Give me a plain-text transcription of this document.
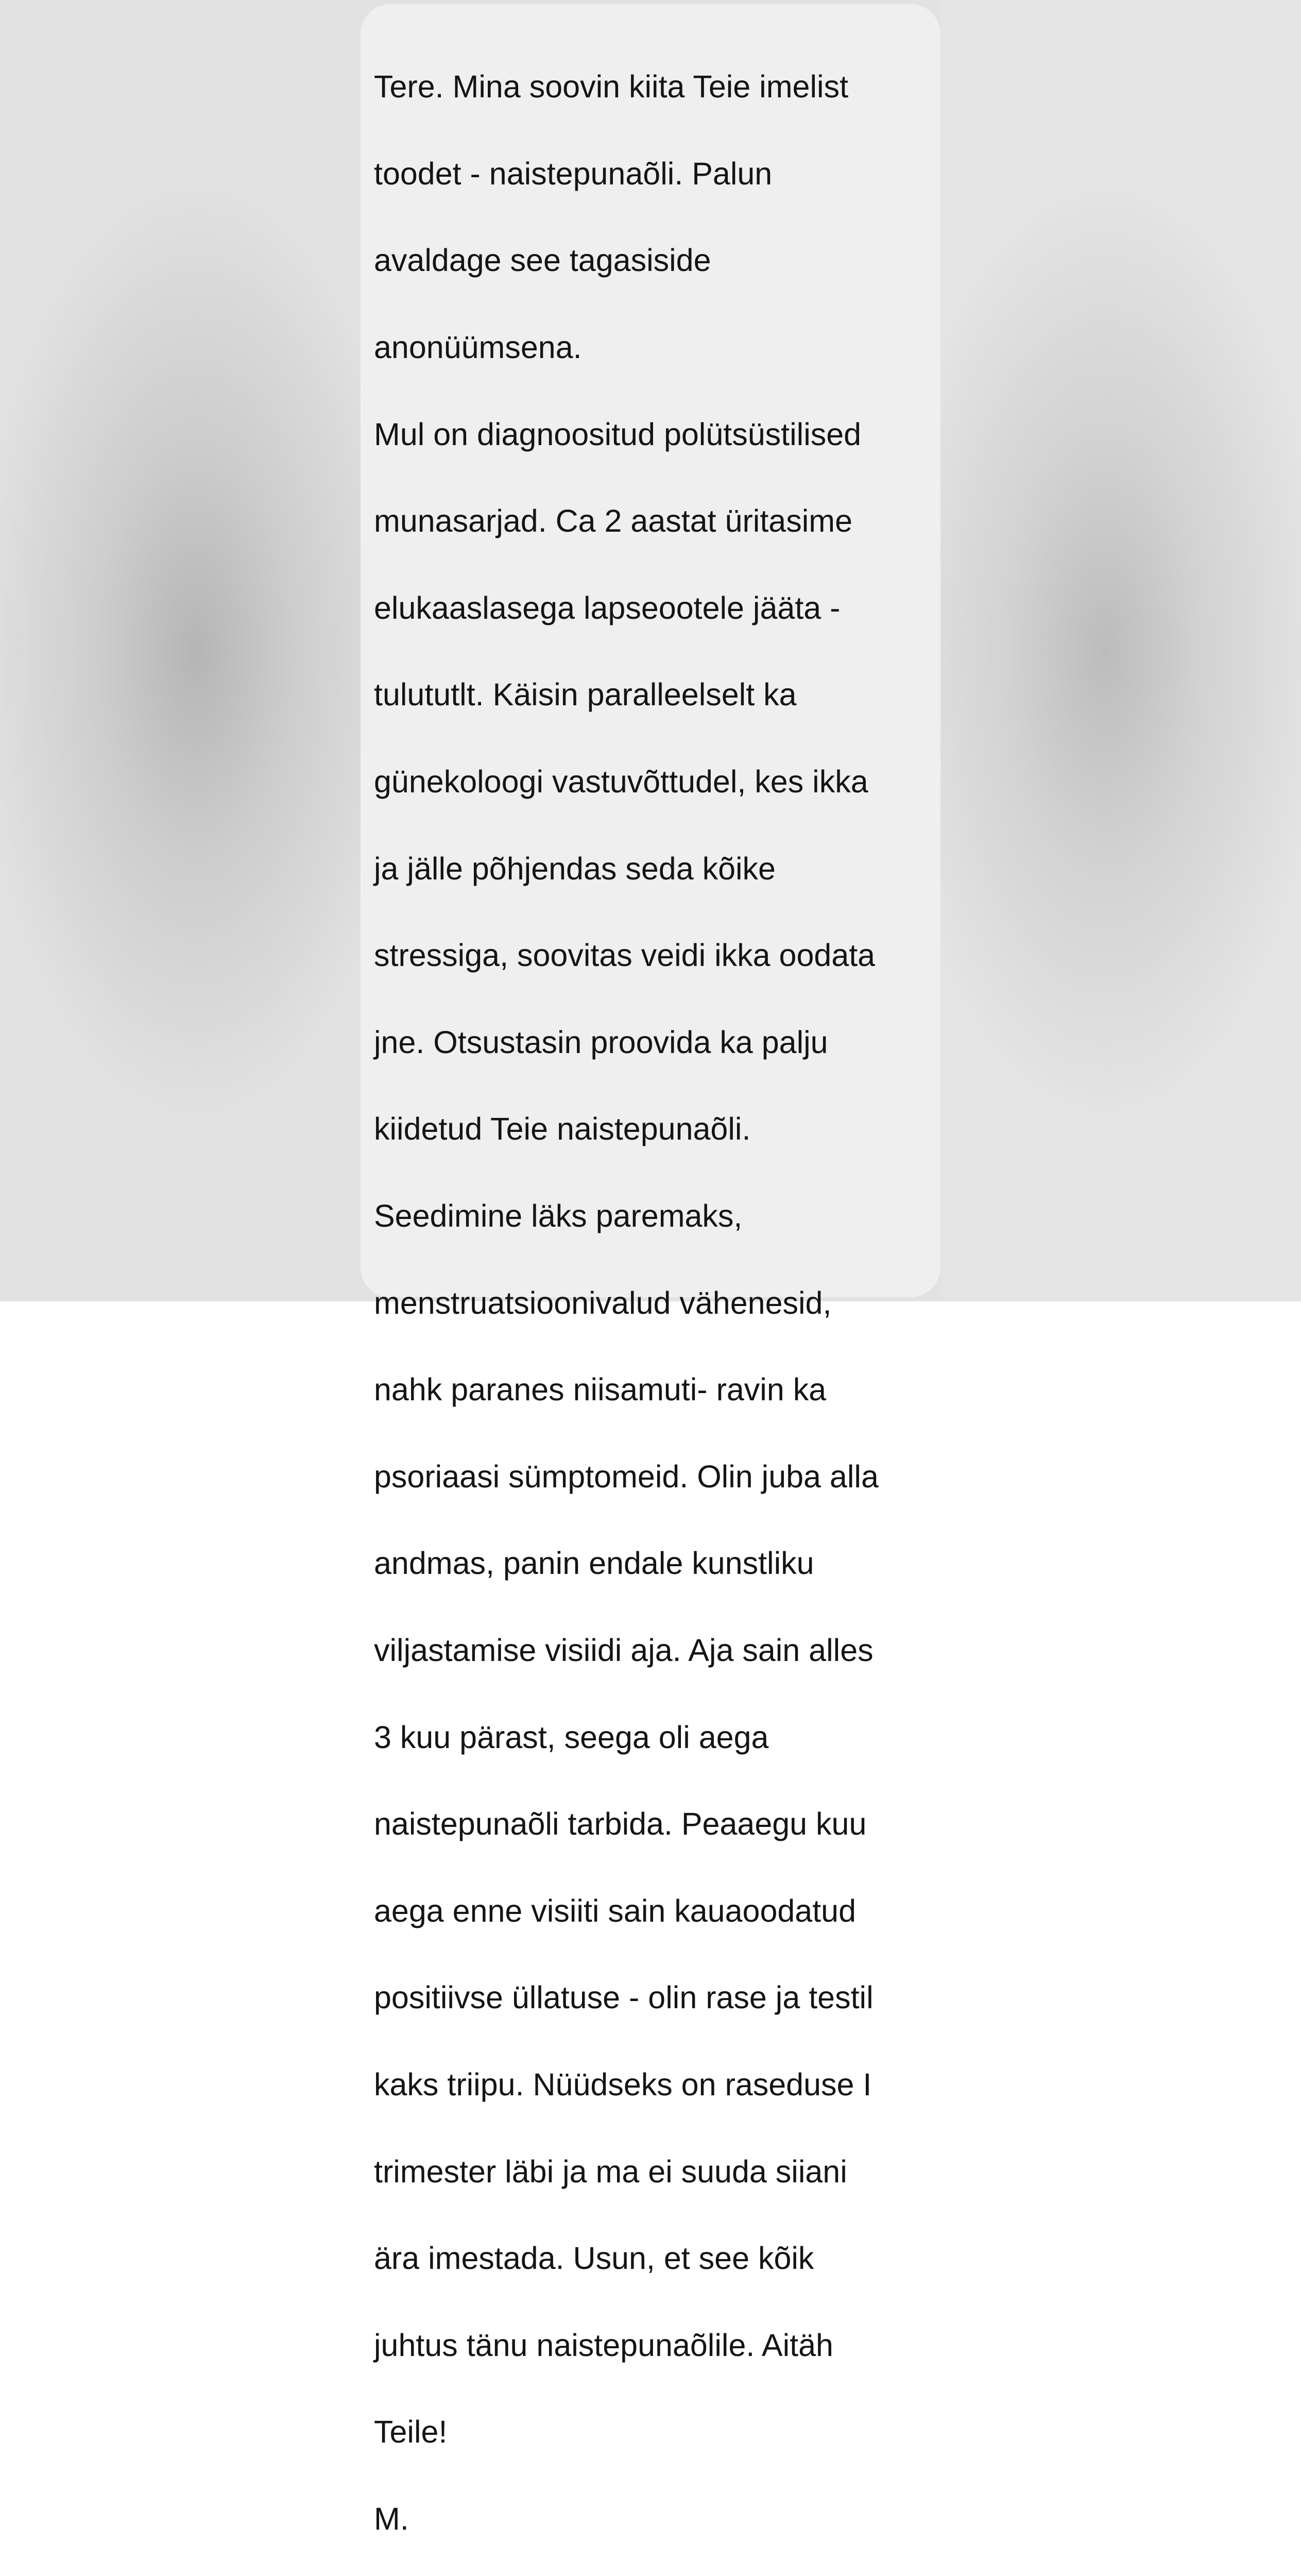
Tere. Mina soovin kiita Teie imelist

toodet - naistepunaõli. Palun

avaldage see tagasiside

anonüümsena.

Mul on diagnoositud polütsüstilised

munasarjad. Ca 2 aastat üritasime

elukaaslasega lapseootele jääta -

tulututlt. Käisin paralleelselt ka

günekoloogi vastuvõttudel, kes ikka

ja jälle põhjendas seda kõike

stressiga, soovitas veidi ikka oodata

jne. Otsustasin proovida ka palju

kiidetud Teie naistepunaõli.

Seedimine läks paremaks,

menstruatsioonivalud vähenesid,

nahk paranes niisamuti- ravin ka

psoriaasi sümptomeid. Olin juba alla

andmas, panin endale kunstliku

viljastamise visiidi aja. Aja sain alles

3 kuu pärast, seega oli aega

naistepunaõli tarbida. Peaaegu kuu

aega enne visiiti sain kauaoodatud

positiivse üllatuse - olin rase ja testil

kaks triipu. Nüüdseks on raseduse I

trimester läbi ja ma ei suuda siiani

ära imestada. Usun, et see kõik

juhtus tänu naistepunaõlile. Aitäh

Teile!

M.
